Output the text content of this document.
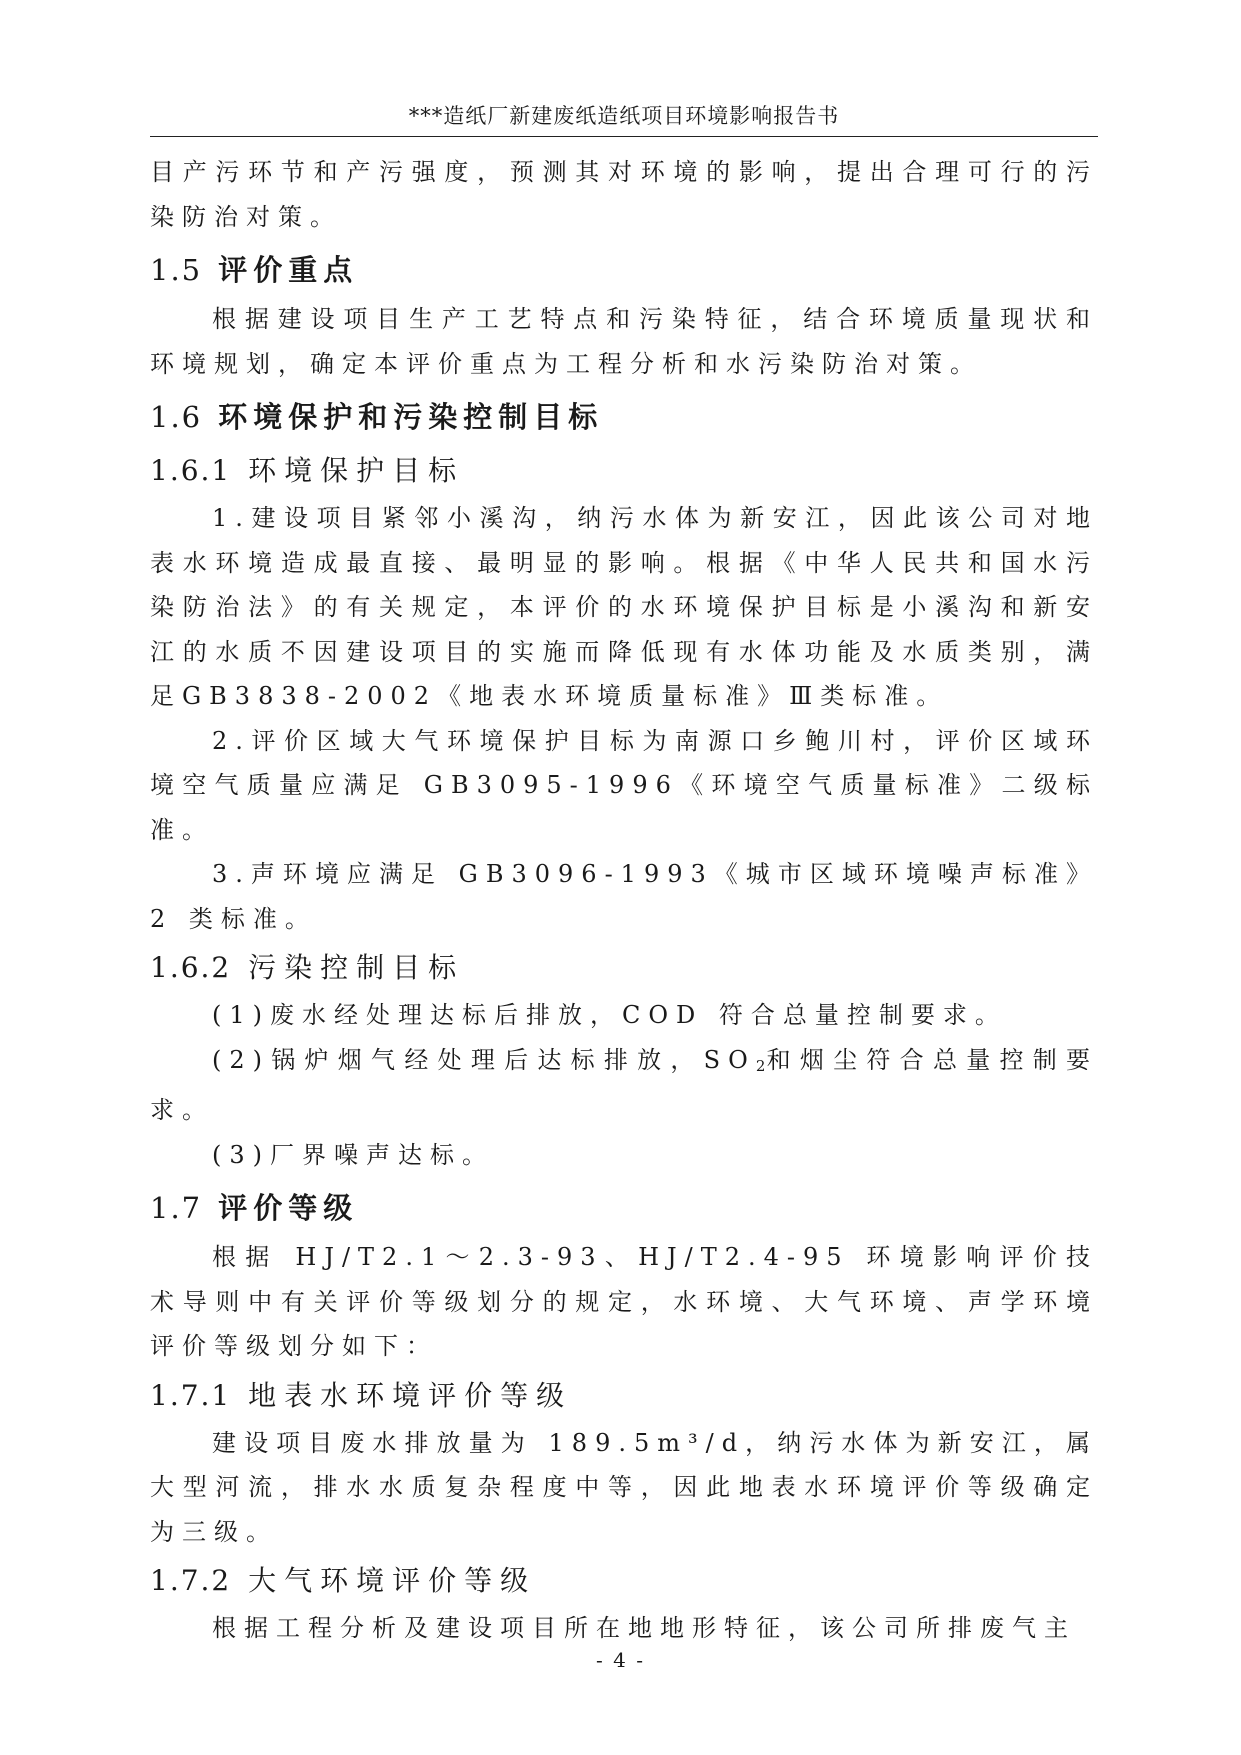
***造纸厂新建废纸造纸项目环境影响报告书

目产污环节和产污强度，预测其对环境的影响，提出合理可行的污染防治对策。

1.5 评价重点

根据建设项目生产工艺特点和污染特征，结合环境质量现状和环境规划，确定本评价重点为工程分析和水污染防治对策。

1.6 环境保护和污染控制目标
1.6.1 环境保护目标

1.建设项目紧邻小溪沟，纳污水体为新安江，因此该公司对地表水环境造成最直接、最明显的影响。根据《中华人民共和国水污染防治法》的有关规定，本评价的水环境保护目标是小溪沟和新安江的水质不因建设项目的实施而降低现有水体功能及水质类别，满足GB3838-2002《地表水环境质量标准》Ⅲ类标准。

2.评价区域大气环境保护目标为南源口乡鲍川村，评价区域环境空气质量应满足 GB3095-1996《环境空气质量标准》二级标准。

3.声环境应满足 GB3096-1993《城市区域环境噪声标准》2 类标准。

1.6.2 污染控制目标

(1)废水经处理达标后排放，COD 符合总量控制要求。

(2)锅炉烟气经处理后达标排放，$SO_2$和烟尘符合总量控制要求。

(3)厂界噪声达标。

1.7 评价等级

根据 HJ/T2.1～2.3-93、HJ/T2.4-95 环境影响评价技术导则中有关评价等级划分的规定，水环境、大气环境、声学环境评价等级划分如下：

1.7.1 地表水环境评价等级

建设项目废水排放量为 189.5m³/d，纳污水体为新安江，属大型河流，排水水质复杂程度中等，因此地表水环境评价等级确定为三级。

1.7.2 大气环境评价等级

根据工程分析及建设项目所在地地形特征，该公司所排废气主

- 4 -
